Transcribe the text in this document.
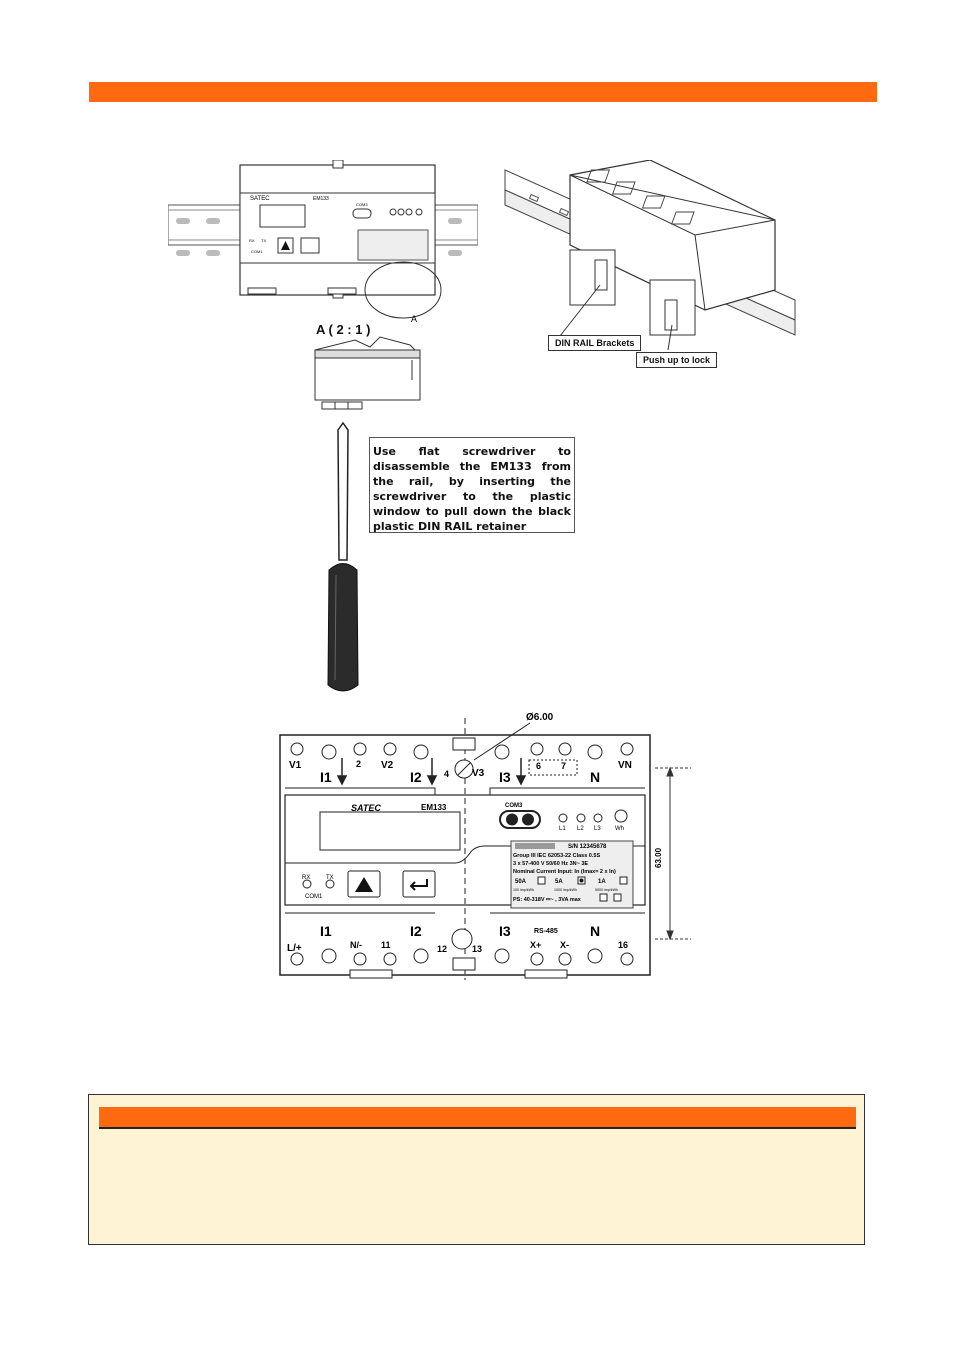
SATEC	EM133
COM3
RX TX
COM1
A
DIN RAIL Brackets
Push up to lock
A ( 2 : 1 )
Use flat screwdriver to disassemble the EM133 from the rail, by inserting the screwdriver to the plastic window to pull down the black plastic DIN RAIL retainer
Ø6.00
63.00
SATEC	EM133	COM3
L1 L2 L3 Wh
RX	TX
COM1
V1	2 V2
4 V3
6 7	VN
I1	I2	I3	N
I1	I2	I3	N
RS-485
L/+	N/- 11	12	13	X+ X-	16
S/N 12345678
Group III IEC 62053-22 Class 0.5S
3 x 57-400 V 50/60 Hz 3N~ 3E
Nominal Current Input: In (Imax= 2 x In)
50A	5A	1A
100 imp/kWh	1000 imp/kWh	5000 imp/kWh
PS: 40-318V ⎓~ , 3VA max
